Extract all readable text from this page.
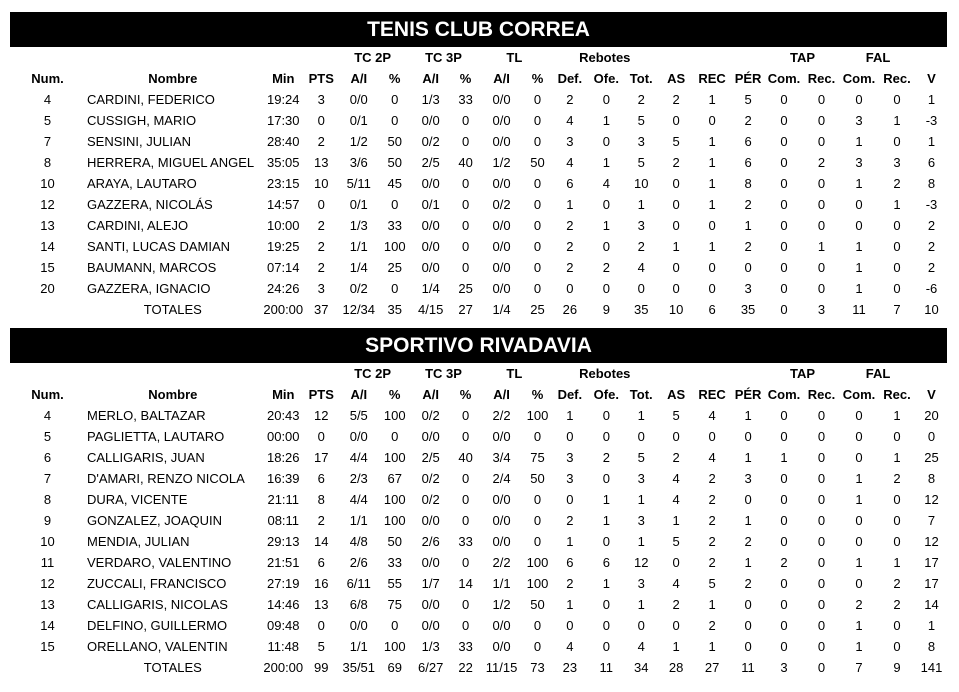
TENIS CLUB CORREA
				TC 2P		TC 3P		TL		Rebotes						TAP		FAL		
Num.	Nombre	Min	PTS	A/I	%	A/I	%	A/I	%	Def.	Ofe.	Tot.	AS	REC	PÉR	Com.	Rec.	Com.	Rec.	V
4	CARDINI, FEDERICO	19:24	3	0/0	0	1/3	33	0/0	0	2	0	2	2	1	5	0	0	0	0	1
5	CUSSIGH, MARIO	17:30	0	0/1	0	0/0	0	0/0	0	4	1	5	0	0	2	0	0	3	1	-3
7	SENSINI, JULIAN	28:40	2	1/2	50	0/2	0	0/0	0	3	0	3	5	1	6	0	0	1	0	1
8	HERRERA, MIGUEL ANGEL	35:05	13	3/6	50	2/5	40	1/2	50	4	1	5	2	1	6	0	2	3	3	6
10	ARAYA, LAUTARO	23:15	10	5/11	45	0/0	0	0/0	0	6	4	10	0	1	8	0	0	1	2	8
12	GAZZERA, NICOLÁS	14:57	0	0/1	0	0/1	0	0/2	0	1	0	1	0	1	2	0	0	0	1	-3
13	CARDINI, ALEJO	10:00	2	1/3	33	0/0	0	0/0	0	2	1	3	0	0	1	0	0	0	0	2
14	SANTI, LUCAS DAMIAN	19:25	2	1/1	100	0/0	0	0/0	0	2	0	2	1	1	2	0	1	1	0	2
15	BAUMANN, MARCOS	07:14	2	1/4	25	0/0	0	0/0	0	2	2	4	0	0	0	0	0	1	0	2
20	GAZZERA, IGNACIO	24:26	3	0/2	0	1/4	25	0/0	0	0	0	0	0	0	3	0	0	1	0	-6
	TOTALES	200:00	37	12/34	35	4/15	27	1/4	25	26	9	35	10	6	35	0	3	11	7	10
SPORTIVO RIVADAVIA
				TC 2P		TC 3P		TL		Rebotes						TAP		FAL		
Num.	Nombre	Min	PTS	A/I	%	A/I	%	A/I	%	Def.	Ofe.	Tot.	AS	REC	PÉR	Com.	Rec.	Com.	Rec.	V
4	MERLO, BALTAZAR	20:43	12	5/5	100	0/2	0	2/2	100	1	0	1	5	4	1	0	0	0	1	20
5	PAGLIETTA, LAUTARO	00:00	0	0/0	0	0/0	0	0/0	0	0	0	0	0	0	0	0	0	0	0	0
6	CALLIGARIS, JUAN	18:26	17	4/4	100	2/5	40	3/4	75	3	2	5	2	4	1	1	0	0	1	25
7	D'AMARI, RENZO NICOLA	16:39	6	2/3	67	0/2	0	2/4	50	3	0	3	4	2	3	0	0	1	2	8
8	DURA, VICENTE	21:11	8	4/4	100	0/2	0	0/0	0	0	1	1	4	2	0	0	0	1	0	12
9	GONZALEZ, JOAQUIN	08:11	2	1/1	100	0/0	0	0/0	0	2	1	3	1	2	1	0	0	0	0	7
10	MENDIA, JULIAN	29:13	14	4/8	50	2/6	33	0/0	0	1	0	1	5	2	2	0	0	0	0	12
11	VERDARO, VALENTINO	21:51	6	2/6	33	0/0	0	2/2	100	6	6	12	0	2	1	2	0	1	1	17
12	ZUCCALI, FRANCISCO	27:19	16	6/11	55	1/7	14	1/1	100	2	1	3	4	5	2	0	0	0	2	17
13	CALLIGARIS, NICOLAS	14:46	13	6/8	75	0/0	0	1/2	50	1	0	1	2	1	0	0	0	2	2	14
14	DELFINO, GUILLERMO	09:48	0	0/0	0	0/0	0	0/0	0	0	0	0	0	2	0	0	0	1	0	1
15	ORELLANO, VALENTIN	11:48	5	1/1	100	1/3	33	0/0	0	4	0	4	1	1	0	0	0	1	0	8
	TOTALES	200:00	99	35/51	69	6/27	22	11/15	73	23	11	34	28	27	11	3	0	7	9	141
